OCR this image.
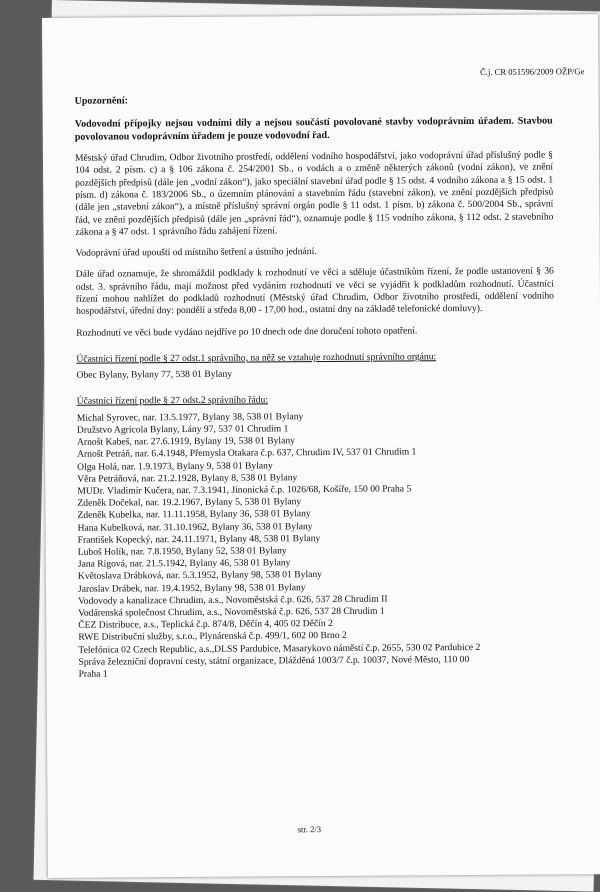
Č.j. CR 051596/2009 OŽP/Ge
Upozornění:

Vodovodní přípojky nejsou vodními díly a nejsou součástí povolované stavby vodoprávním úřadem. Stavbou povolovanou vodoprávním úřadem je pouze vodovodní řad.

Městský úřad Chrudim, Odbor životního prostředí, oddělení vodního hospodářství, jako vodoprávní úřad příslušný podle § 104 odst. 2 písm. c) a § 106 zákona č. 254/2001 Sb., o vodách a o změně některých zákonů (vodní zákon), ve znění pozdějších předpisů (dále jen „vodní zákon“), jako speciální stavební úřad podle § 15 odst. 4 vodního zákona a § 15 odst. 1 písm. d) zákona č. 183/2006 Sb., o územním plánování a stavebním řádu (stavební zákon), ve znění pozdějších předpisů (dále jen „stavební zákon“), a místně příslušný správní orgán podle § 11 odst. 1 písm. b) zákona č. 500/2004 Sb., správní řád, ve znění pozdějších předpisů (dále jen „správní řád“), oznamuje podle § 115 vodního zákona, § 112 odst. 2 stavebního zákona a § 47 odst. 1 správního řádu zahájení řízení.

Vodoprávní úřad upouští od místního šetření a ústního jednání.

Dále úřad oznamuje, že shromáždil podklady k rozhodnutí ve věci a sděluje účastníkům řízení, že podle ustanovení § 36 odst. 3. správního řádu, mají možnost před vydáním rozhodnutí ve věci se vyjádřit k podkladům rozhodnutí. Účastníci řízení mohou nahlížet do podkladů rozhodnutí (Městský úřad Chrudim, Odbor životního prostředí, oddělení vodního hospodářství, úřední dny: pondělí a středa 8,00 - 17,00 hod., ostatní dny na základě telefonické domluvy).

Rozhodnutí ve věci bude vydáno nejdříve po 10 dnech ode dne doručení tohoto opatření.

Účastníci řízení podle § 27 odst.1 správního, na něž se vztahuje rozhodnutí správního orgánu:
Obec Bylany, Bylany 77, 538 01 Bylany
Účastníci řízení podle § 27 odst.2 správního řádu:
Michal Syrovec, nar. 13.5.1977, Bylany 38, 538 01 Bylany
Družstvo Agricola Bylany, Lány 97, 537 01 Chrudim 1
Arnošt Kabeš, nar. 27.6.1919, Bylany 19, 538 01 Bylany
Arnošt Petráň, nar. 6.4.1948, Přemysla Otakara č.p. 637, Chrudim IV, 537 01 Chrudim 1
Olga Holá, nar. 1.9.1973, Bylany 9, 538 01 Bylany
Věra Petráňová, nar. 21.2.1928, Bylany 8, 538 01 Bylany
MUDr. Vladimír Kučera, nar. 7.3.1941, Jinonická č.p. 1026/68, Košíře, 150 00 Praha 5
Zdeněk Dočekal, nar. 19.2.1967, Bylany 5, 538 01 Bylany
Zdeněk Kubelka, nar. 11.11.1958, Bylany 36, 538 01 Bylany
Hana Kubelková, nar. 31.10.1962, Bylany 36, 538 01 Bylany
František Kopecký, nar. 24.11.1971, Bylany 48, 538 01 Bylany
Luboš Holík, nar. 7.8.1950, Bylany 52, 538 01 Bylany
Jana Rigová, nar. 21.5.1942, Bylany 46, 538 01 Bylany
Květoslava Drábková, nar. 5.3.1952, Bylany 98, 538 01 Bylany
Jaroslav Drábek, nar. 19.4.1952, Bylany 98, 538 01 Bylany
Vodovody a kanalizace Chrudim, a.s., Novoměstská č.p. 626, 537 28 Chrudim II
Vodárenská společnost Chrudim, a.s., Novoměstská č.p. 626, 537 28 Chrudim 1
ČEZ Distribuce, a.s., Teplická č.p. 874/8, Děčín 4, 405 02 Děčín 2
RWE Distribuční služby, s.r.o., Plynárenská č.p. 499/1, 602 00 Brno 2
Telefónica 02 Czech Republic, a.s.,DLSS Pardubice, Masarykovo náměstí č.p. 2655, 530 02 Pardubice 2
Správa železniční dopravní cesty, státní organizace, Dlážděná 1003/7 č.p. 10037, Nové Město, 110 00
Praha 1
str. 2/3
